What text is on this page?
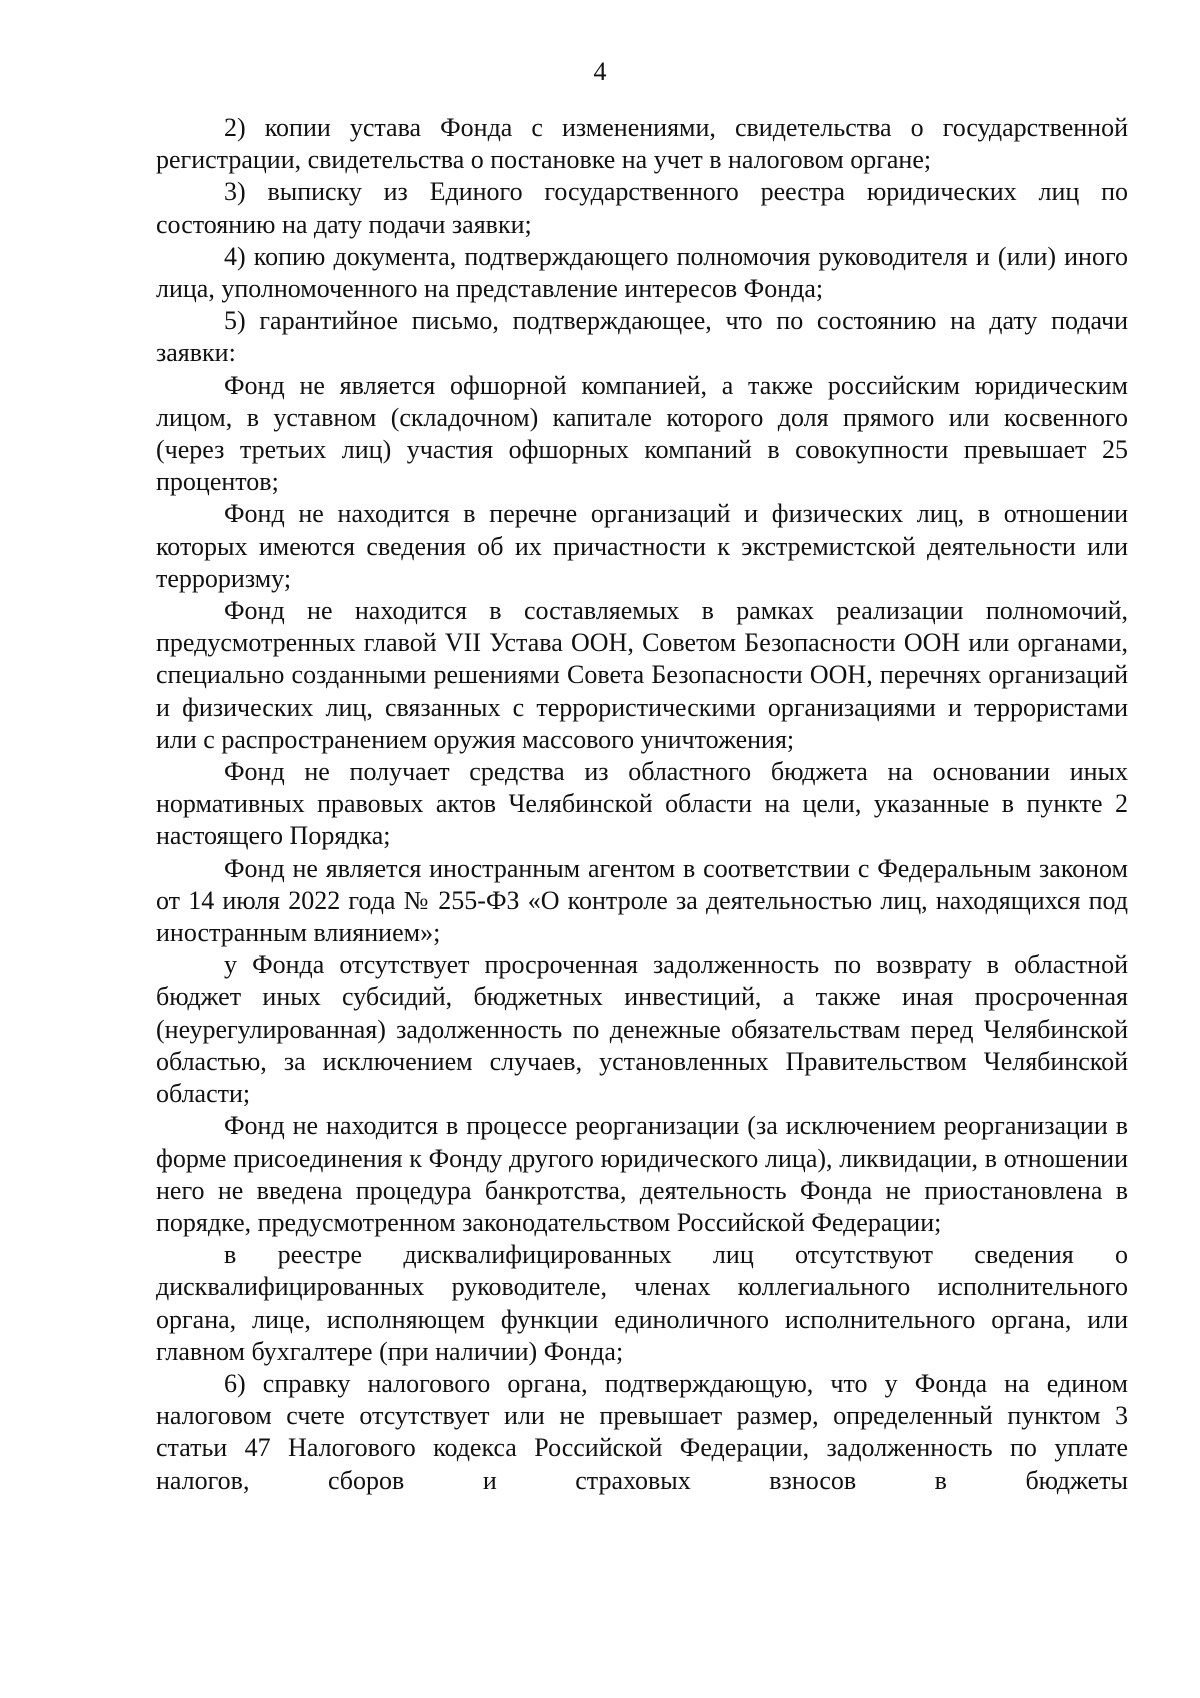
4

2) копии устава Фонда с изменениями, свидетельства о государственной регистрации, свидетельства о постановке на учет в налоговом органе;

3) выписку из Единого государственного реестра юридических лиц по состоянию на дату подачи заявки;

4) копию документа, подтверждающего полномочия руководителя и (или) иного лица, уполномоченного на представление интересов Фонда;

5) гарантийное письмо, подтверждающее, что по состоянию на дату подачи заявки:

Фонд не является офшорной компанией, а также российским юридическим лицом, в уставном (складочном) капитале которого доля прямого или косвенного (через третьих лиц) участия офшорных компаний в совокупности превышает 25 процентов;

Фонд не находится в перечне организаций и физических лиц, в отношении которых имеются сведения об их причастности к экстремистской деятельности или терроризму;

Фонд не находится в составляемых в рамках реализации полномочий, предусмотренных главой VII Устава ООН, Советом Безопасности ООН или органами, специально созданными решениями Совета Безопасности ООН, перечнях организаций и физических лиц, связанных с террористическими организациями и террористами или с распространением оружия массового уничтожения;

Фонд не получает средства из областного бюджета на основании иных нормативных правовых актов Челябинской области на цели, указанные в пункте 2 настоящего Порядка;

Фонд не является иностранным агентом в соответствии с Федеральным законом от 14 июля 2022 года № 255-ФЗ «О контроле за деятельностью лиц, находящихся под иностранным влиянием»;

у Фонда отсутствует просроченная задолженность по возврату в областной бюджет иных субсидий, бюджетных инвестиций, а также иная просроченная (неурегулированная) задолженность по денежные обязательствам перед Челябинской областью, за исключением случаев, установленных Правительством Челябинской области;

Фонд не находится в процессе реорганизации (за исключением реорганизации в форме присоединения к Фонду другого юридического лица), ликвидации, в отношении него не введена процедура банкротства, деятельность Фонда не приостановлена в порядке, предусмотренном законодательством Российской Федерации;

в реестре дисквалифицированных лиц отсутствуют сведения о дисквалифицированных руководителе, членах коллегиального исполнительного органа, лице, исполняющем функции единоличного исполнительного органа, или главном бухгалтере (при наличии) Фонда;

6) справку налогового органа, подтверждающую, что у Фонда на едином налоговом счете отсутствует или не превышает размер, определенный пунктом 3 статьи 47 Налогового кодекса Российской Федерации, задолженность по уплате налогов, сборов и страховых взносов в бюджеты
